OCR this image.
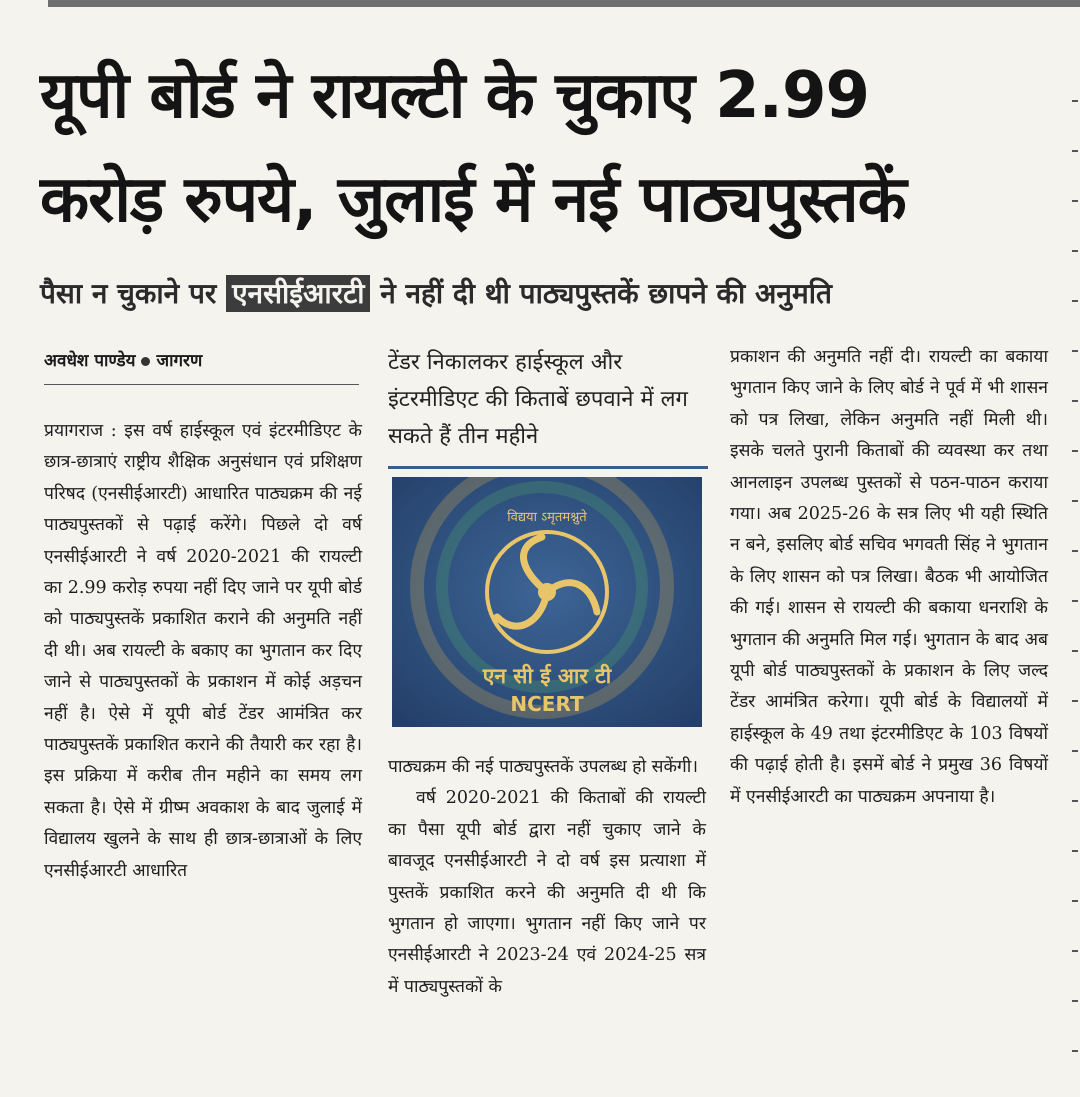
यूपी बोर्ड ने रायल्टी के चुकाए 2.99
करोड़ रुपये, जुलाई में नई पाठ्यपुस्तकें
पैसा न चुकाने पर एनसीईआरटी ने नहीं दी थी पाठ्यपुस्तकें छापने की अनुमति
अवधेश पाण्डेय जागरण

प्रयागराज : इस वर्ष हाईस्कूल एवं इंटरमीडिएट के छात्र-छात्राएं राष्ट्रीय शैक्षिक अनुसंधान एवं प्रशिक्षण परिषद (एनसीईआरटी) आधारित पाठ्यक्रम की नई पाठ्यपुस्तकों से पढ़ाई करेंगे। पिछले दो वर्ष एनसीईआरटी ने वर्ष 2020-2021 की रायल्टी का 2.99 करोड़ रुपया नहीं दिए जाने पर यूपी बोर्ड को पाठ्यपुस्तकें प्रकाशित कराने की अनुमति नहीं दी थी। अब रायल्टी के बकाए का भुगतान कर दिए जाने से पाठ्यपुस्तकों के प्रकाशन में कोई अड़चन नहीं है। ऐसे में यूपी बोर्ड टेंडर आमंत्रित कर पाठ्यपुस्तकें प्रकाशित कराने की तैयारी कर रहा है। इस प्रक्रिया में करीब तीन महीने का समय लग सकता है। ऐसे में ग्रीष्म अवकाश के बाद जुलाई में विद्यालय खुलने के साथ ही छात्र-छात्राओं के लिए एनसीईआरटी आधारित

टेंडर निकालकर हाईस्कूल और इंटरमीडिएट की किताबें छपवाने में लग सकते हैं तीन महीने
विद्यया ऽमृतमश्नुते
एन सी ई आर टी
NCERT

पाठ्यक्रम की नई पाठ्यपुस्तकें उपलब्ध हो सकेंगी।

वर्ष 2020-2021 की किताबों की रायल्टी का पैसा यूपी बोर्ड द्वारा नहीं चुकाए जाने के बावजूद एनसीईआरटी ने दो वर्ष इस प्रत्याशा में पुस्तकें प्रकाशित करने की अनुमति दी थी कि भुगतान हो जाएगा। भुगतान नहीं किए जाने पर एनसीईआरटी ने 2023-24 एवं 2024-25 सत्र में पाठ्यपुस्तकों के

प्रकाशन की अनुमति नहीं दी। रायल्टी का बकाया भुगतान किए जाने के लिए बोर्ड ने पूर्व में भी शासन को पत्र लिखा, लेकिन अनुमति नहीं मिली थी। इसके चलते पुरानी किताबों की व्यवस्था कर तथा आनलाइन उपलब्ध पुस्तकों से पठन-पाठन कराया गया। अब 2025-26 के सत्र लिए भी यही स्थिति न बने, इसलिए बोर्ड सचिव भगवती सिंह ने भुगतान के लिए शासन को पत्र लिखा। बैठक भी आयोजित की गई। शासन से रायल्टी की बकाया धनराशि के भुगतान की अनुमति मिल गई। भुगतान के बाद अब यूपी बोर्ड पाठ्यपुस्तकों के प्रकाशन के लिए जल्द टेंडर आमंत्रित करेगा। यूपी बोर्ड के विद्यालयों में हाईस्कूल के 49 तथा इंटरमीडिएट के 103 विषयों की पढ़ाई होती है। इसमें बोर्ड ने प्रमुख 36 विषयों में एनसीईआरटी का पाठ्यक्रम अपनाया है।
